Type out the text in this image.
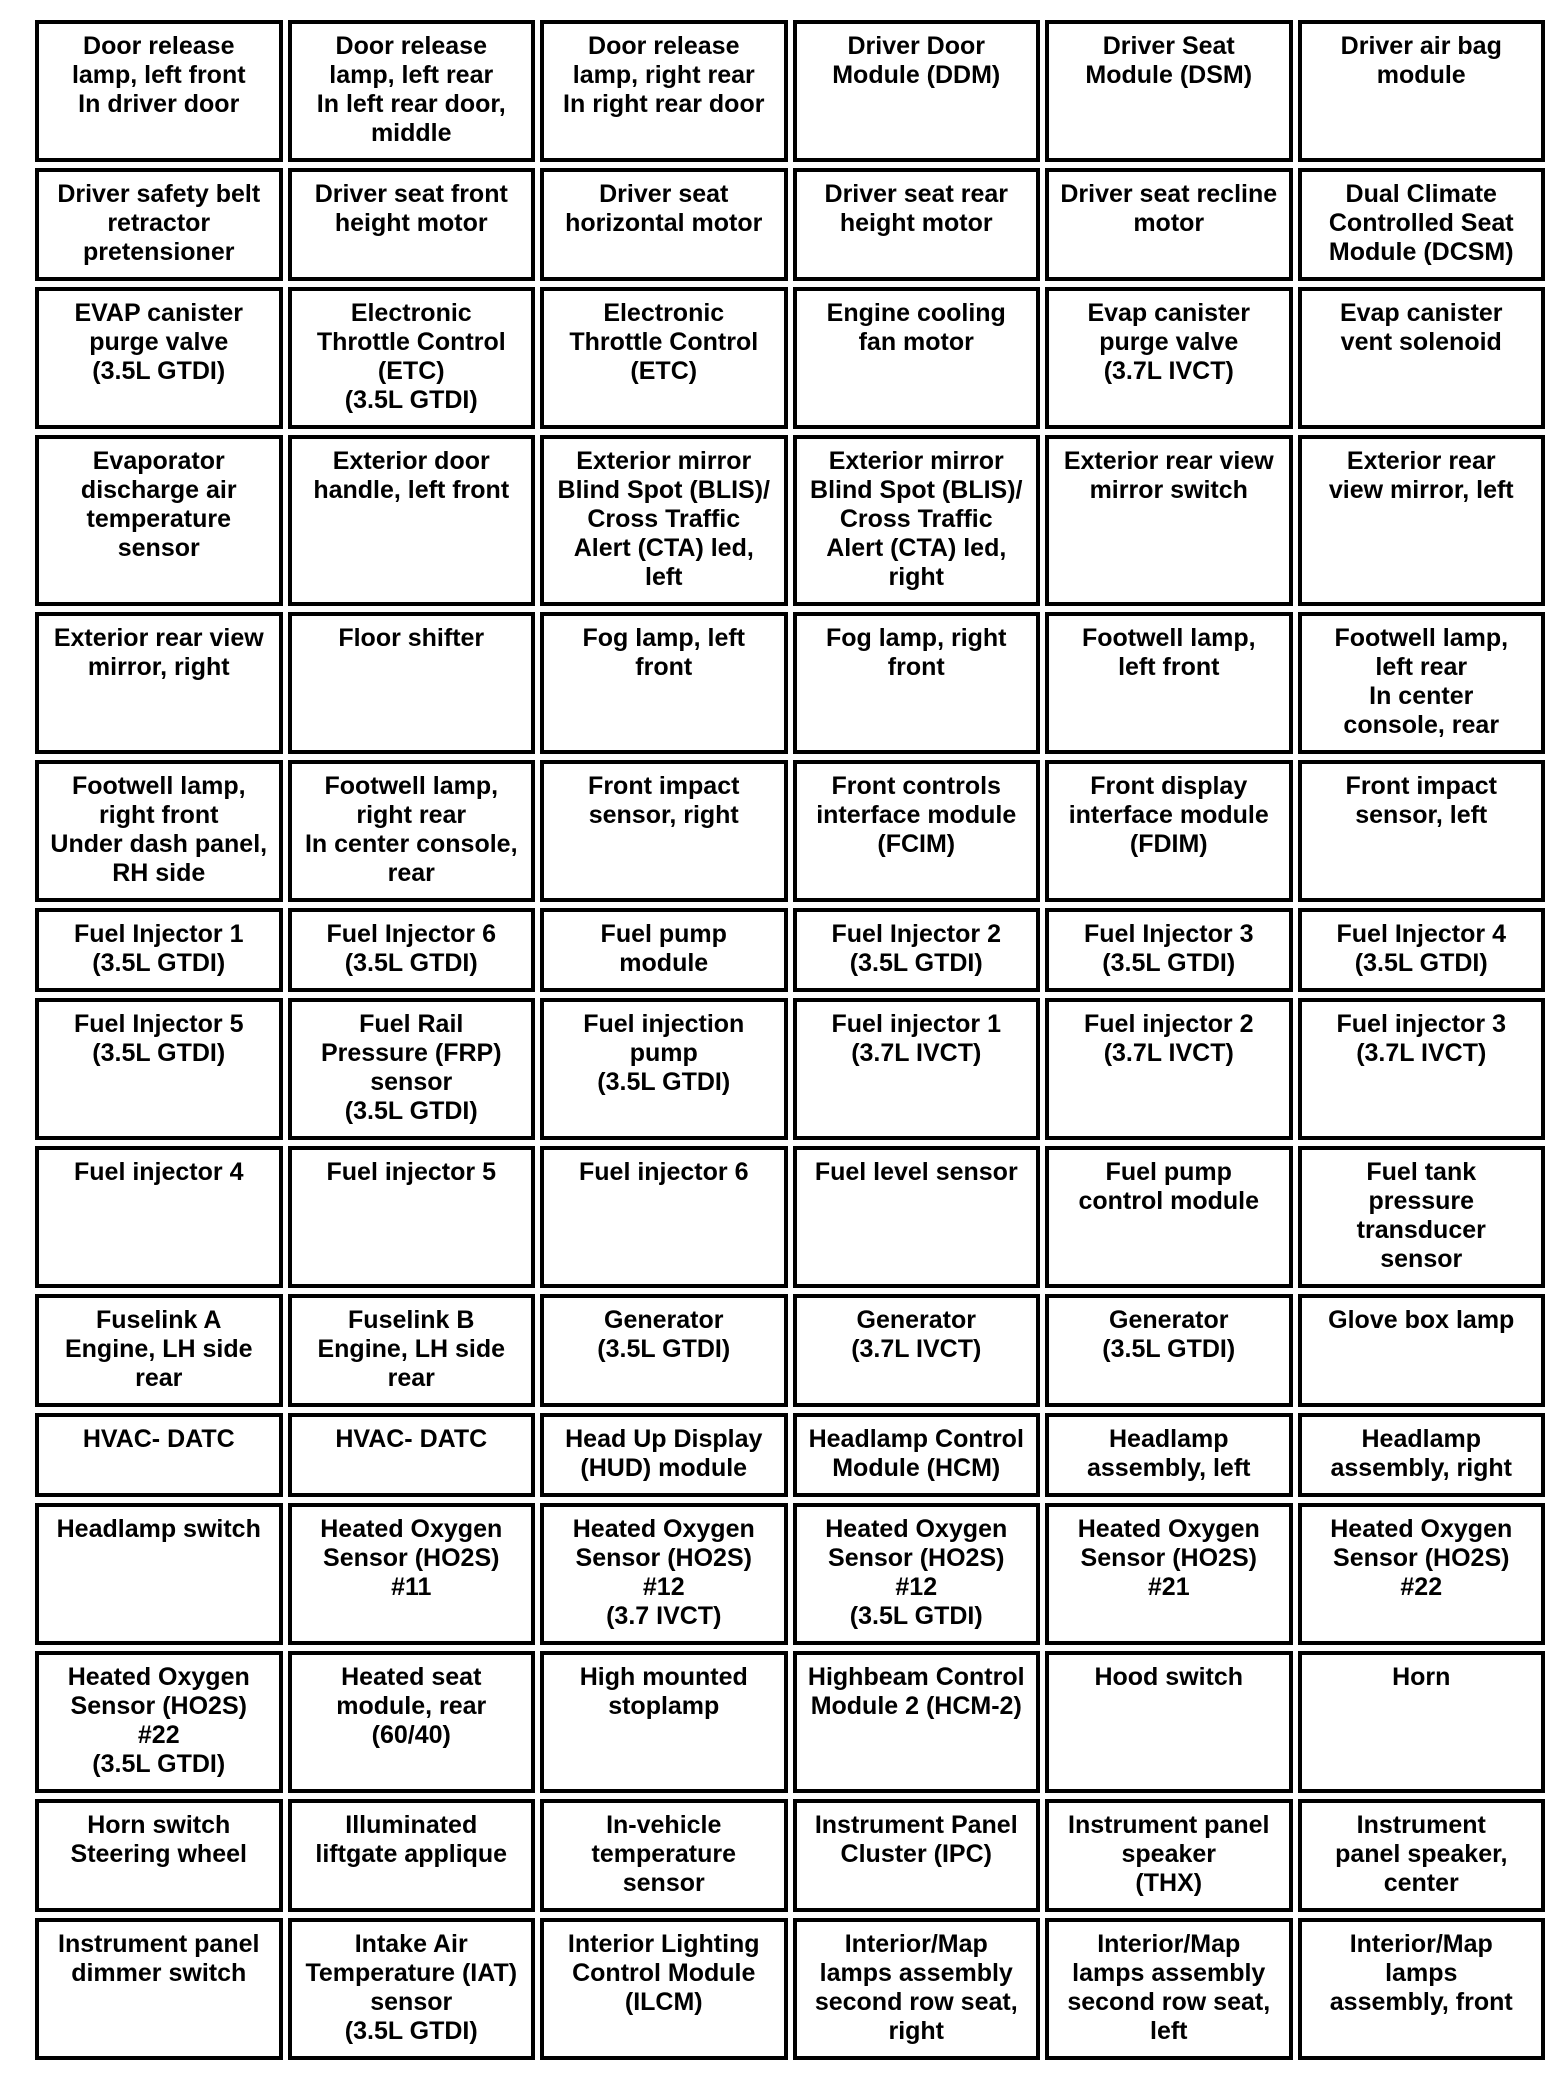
Door release
lamp, left front
In driver door	Door release
lamp, left rear
In left rear door,
middle	Door release
lamp, right rear
In right rear door	Driver Door
Module (DDM)	Driver Seat
Module (DSM)	Driver air bag
module

Driver safety belt
retractor
pretensioner	Driver seat front
height motor	Driver seat
horizontal motor	Driver seat rear
height motor	Driver seat recline
motor	Dual Climate
Controlled Seat
Module (DCSM)

EVAP canister
purge valve
(3.5L GTDI)	Electronic
Throttle Control
(ETC)
(3.5L GTDI)	Electronic
Throttle Control
(ETC)	Engine cooling
fan motor	Evap canister
purge valve
(3.7L IVCT)	Evap canister
vent solenoid

Evaporator
discharge air
temperature
sensor	Exterior door
handle, left front	Exterior mirror
Blind Spot (BLIS)/
Cross Traffic
Alert (CTA) led,
left	Exterior mirror
Blind Spot (BLIS)/
Cross Traffic
Alert (CTA) led,
right	Exterior rear view
mirror switch	Exterior rear
view mirror, left

Exterior rear view
mirror, right	Floor shifter	Fog lamp, left
front	Fog lamp, right
front	Footwell lamp,
left front	Footwell lamp,
left rear
In center
console, rear

Footwell lamp,
right front
Under dash panel,
RH side	Footwell lamp,
right rear
In center console,
rear	Front impact
sensor, right	Front controls
interface module
(FCIM)	Front display
interface module
(FDIM)	Front impact
sensor, left

Fuel Injector 1
(3.5L GTDI)	Fuel Injector 6
(3.5L GTDI)	Fuel pump
module	Fuel Injector 2
(3.5L GTDI)	Fuel Injector 3
(3.5L GTDI)	Fuel Injector 4
(3.5L GTDI)

Fuel Injector 5
(3.5L GTDI)	Fuel Rail
Pressure (FRP)
sensor
(3.5L GTDI)	Fuel injection
pump
(3.5L GTDI)	Fuel injector 1
(3.7L IVCT)	Fuel injector 2
(3.7L IVCT)	Fuel injector 3
(3.7L IVCT)

Fuel injector 4	Fuel injector 5	Fuel injector 6	Fuel level sensor	Fuel pump
control module	Fuel tank
pressure
transducer
sensor

Fuselink A
Engine, LH side
rear	Fuselink B
Engine, LH side
rear	Generator
(3.5L GTDI)	Generator
(3.7L IVCT)	Generator
(3.5L GTDI)	Glove box lamp

HVAC- DATC	HVAC- DATC	Head Up Display
(HUD) module	Headlamp Control
Module (HCM)	Headlamp
assembly, left	Headlamp
assembly, right

Headlamp switch	Heated Oxygen
Sensor (HO2S)
#11	Heated Oxygen
Sensor (HO2S)
#12
(3.7 IVCT)	Heated Oxygen
Sensor (HO2S)
#12
(3.5L GTDI)	Heated Oxygen
Sensor (HO2S)
#21	Heated Oxygen
Sensor (HO2S)
#22

Heated Oxygen
Sensor (HO2S)
#22
(3.5L GTDI)	Heated seat
module, rear
(60/40)	High mounted
stoplamp	Highbeam Control
Module 2 (HCM-2)	Hood switch	Horn

Horn switch
Steering wheel	Illuminated
liftgate applique	In-vehicle
temperature
sensor	Instrument Panel
Cluster (IPC)	Instrument panel
speaker
(THX)	Instrument
panel speaker,
center

Instrument panel
dimmer switch	Intake Air
Temperature (IAT)
sensor
(3.5L GTDI)	Interior Lighting
Control Module
(ILCM)	Interior/Map
lamps assembly
second row seat,
right	Interior/Map
lamps assembly
second row seat,
left	Interior/Map
lamps
assembly, front
